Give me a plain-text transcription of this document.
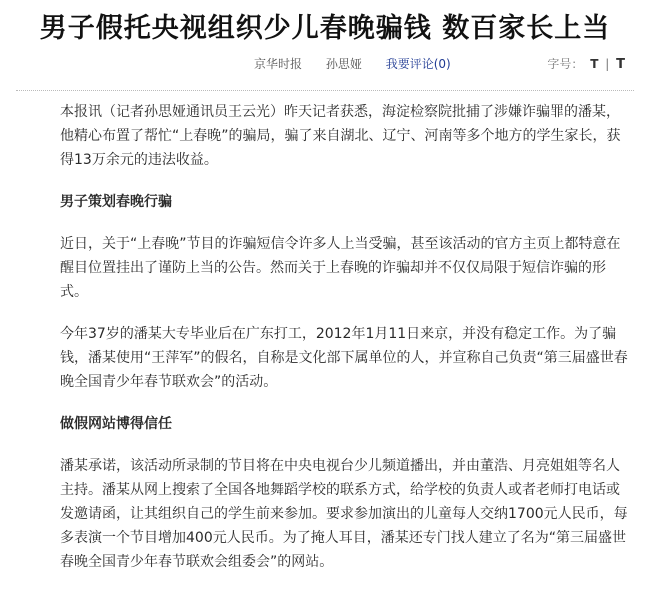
男子假托央视组织少儿春晚骗钱 数百家长上当
京华时报 孙思娅 我要评论(0)	字号： T | T

本报讯（记者孙思娅通讯员王云光）昨天记者获悉，海淀检察院批捕了涉嫌诈骗罪的潘某，他精心布置了帮忙“上春晚”的骗局，骗了来自湖北、辽宁、河南等多个地方的学生家长，获得13万余元的违法收益。

男子策划春晚行骗

近日，关于“上春晚”节目的诈骗短信令许多人上当受骗，甚至该活动的官方主页上都特意在醒目位置挂出了谨防上当的公告。然而关于上春晚的诈骗却并不仅仅局限于短信诈骗的形式。

今年37岁的潘某大专毕业后在广东打工，2012年1月11日来京，并没有稳定工作。为了骗钱，潘某使用“王萍军”的假名，自称是文化部下属单位的人，并宣称自己负责“第三届盛世春晚全国青少年春节联欢会”的活动。

做假网站博得信任

潘某承诺，该活动所录制的节目将在中央电视台少儿频道播出，并由董浩、月亮姐姐等名人主持。潘某从网上搜索了全国各地舞蹈学校的联系方式，给学校的负责人或者老师打电话或发邀请函，让其组织自己的学生前来参加。要求参加演出的儿童每人交纳1700元人民币，每多表演一个节目增加400元人民币。为了掩人耳目，潘某还专门找人建立了名为“第三届盛世春晚全国青少年春节联欢会组委会”的网站。
